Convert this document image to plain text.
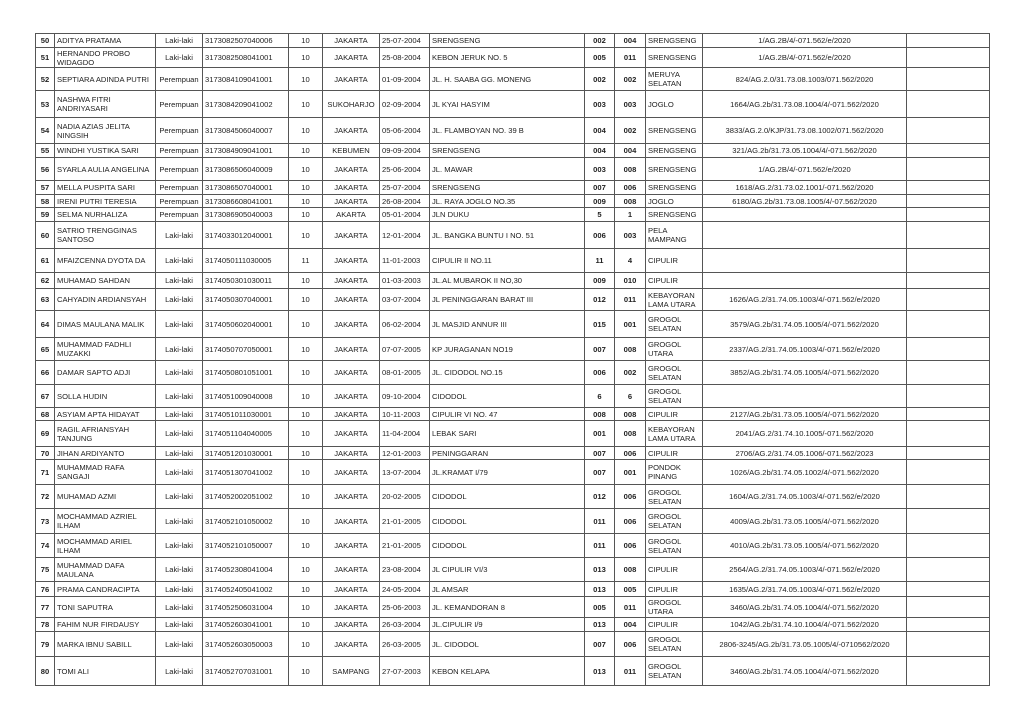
50	ADITYA PRATAMA	Laki-laki	3173082507040006	10	JAKARTA	25-07-2004	SRENGSENG	002	004	SRENGSENG	1/AG.2B/4/-071.562/e/2020	
51	HERNANDO PROBO WIDAGDO	Laki-laki	3173082508041001	10	JAKARTA	25-08-2004	KEBON JERUK NO. 5	005	011	SRENGSENG	1/AG.2B/4/-071.562/e/2020	
52	SEPTIARA ADINDA PUTRI	Perempuan	3173084109041001	10	JAKARTA	01-09-2004	JL. H. SAABA GG. MONENG	002	002	MERUYA SELATAN	824/AG.2.0/31.73.08.1003/071.562/2020	
53	NASHWA FITRI ANDRIYASARI	Perempuan	3173084209041002	10	SUKOHARJO	02-09-2004	JL KYAI HASYIM	003	003	JOGLO	1664/AG.2b/31.73.08.1004/4/-071.562/2020	
54	NADIA AZIAS JELITA NINGSIH	Perempuan	3173084506040007	10	JAKARTA	05-06-2004	JL. FLAMBOYAN NO. 39 B	004	002	SRENGSENG	3833/AG.2.0/KJP/31.73.08.1002/071.562/2020	
55	WINDHI YUSTIKA SARI	Perempuan	3173084909041001	10	KEBUMEN	09-09-2004	SRENGSENG	004	004	SRENGSENG	321/AG.2b/31.73.05.1004/4/-071.562/2020	
56	SYARLA AULIA ANGELINA	Perempuan	3173086506040009	10	JAKARTA	25-06-2004	JL. MAWAR	003	008	SRENGSENG	1/AG.2B/4/-071.562/e/2020	
57	MELLA PUSPITA SARI	Perempuan	3173086507040001	10	JAKARTA	25-07-2004	SRENGSENG	007	006	SRENGSENG	1618/AG.2/31.73.02.1001/-071.562/2020	
58	IRENI PUTRI TERESIA	Perempuan	3173086608041001	10	JAKARTA	26-08-2004	JL. RAYA JOGLO NO.35	009	008	JOGLO	6180/AG.2b/31.73.08.1005/4/-07.562/2020	
59	SELMA NURHALIZA	Perempuan	3173086905040003	10	AKARTA	05-01-2004	JLN DUKU	5	1	SRENGSENG		
60	SATRIO TRENGGINAS SANTOSO	Laki-laki	3174033012040001	10	JAKARTA	12-01-2004	JL. BANGKA BUNTU I NO. 51	006	003	PELA MAMPANG		
61	MFAIZCENNA DYOTA DA	Laki-laki	3174050111030005	11	JAKARTA	11-01-2003	CIPULIR II NO.11	11	4	CIPULIR		
62	MUHAMAD SAHDAN	Laki-laki	3174050301030011	10	JAKARTA	01-03-2003	JL.AL MUBAROK II NO,30	009	010	CIPULIR		
63	CAHYADIN ARDIANSYAH	Laki-laki	3174050307040001	10	JAKARTA	03-07-2004	JL PENINGGARAN BARAT III	012	011	KEBAYORAN LAMA UTARA	1626/AG.2/31.74.05.1003/4/-071.562/e/2020	
64	DIMAS MAULANA MALIK	Laki-laki	3174050602040001	10	JAKARTA	06-02-2004	JL MASJID ANNUR III	015	001	GROGOL SELATAN	3579/AG.2b/31.74.05.1005/4/-071.562/2020	
65	MUHAMMAD FADHLI MUZAKKI	Laki-laki	3174050707050001	10	JAKARTA	07-07-2005	KP JURAGANAN NO19	007	008	GROGOL UTARA	2337/AG.2/31.74.05.1003/4/-071.562/e/2020	
66	DAMAR SAPTO ADJI	Laki-laki	3174050801051001	10	JAKARTA	08-01-2005	JL. CIDODOL NO.15	006	002	GROGOL SELATAN	3852/AG.2b/31.74.05.1005/4/-071.562/2020	
67	SOLLA HUDIN	Laki-laki	3174051009040008	10	JAKARTA	09-10-2004	CIDODOL	6	6	GROGOL SELATAN		
68	ASYIAM APTA HIDAYAT	Laki-laki	3174051011030001	10	JAKARTA	10-11-2003	CIPULIR VI NO. 47	008	008	CIPULIR	2127/AG.2b/31.73.05.1005/4/-071.562/2020	
69	RAGIL AFRIANSYAH TANJUNG	Laki-laki	3174051104040005	10	JAKARTA	11-04-2004	LEBAK SARI	001	008	KEBAYORAN LAMA UTARA	2041/AG.2/31.74.10.1005/-071.562/2020	
70	JIHAN ARDIYANTO	Laki-laki	3174051201030001	10	JAKARTA	12-01-2003	PENINGGARAN	007	006	CIPULIR	2706/AG.2/31.74.05.1006/-071.562/2023	
71	MUHAMMAD RAFA SANGAJI	Laki-laki	3174051307041002	10	JAKARTA	13-07-2004	JL.KRAMAT I/79	007	001	PONDOK PINANG	1026/AG.2b/31.74.05.1002/4/-071.562/2020	
72	MUHAMAD AZMI	Laki-laki	3174052002051002	10	JAKARTA	20-02-2005	CIDODOL	012	006	GROGOL SELATAN	1604/AG.2/31.74.05.1003/4/-071.562/e/2020	
73	MOCHAMMAD AZRIEL ILHAM	Laki-laki	3174052101050002	10	JAKARTA	21-01-2005	CIDODOL	011	006	GROGOL SELATAN	4009/AG.2b/31.73.05.1005/4/-071.562/2020	
74	MOCHAMMAD ARIEL ILHAM	Laki-laki	3174052101050007	10	JAKARTA	21-01-2005	CIDODOL	011	006	GROGOL SELATAN	4010/AG.2b/31.73.05.1005/4/-071.562/2020	
75	MUHAMMAD DAFA MAULANA	Laki-laki	3174052308041004	10	JAKARTA	23-08-2004	JL CIPULIR VI/3	013	008	CIPULIR	2564/AG.2/31.74.05.1003/4/-071.562/e/2020	
76	PRAMA CANDRACIPTA	Laki-laki	3174052405041002	10	JAKARTA	24-05-2004	JL AMSAR	013	005	CIPULIR	1635/AG.2/31.74.05.1003/4/-071.562/e/2020	
77	TONI SAPUTRA	Laki-laki	3174052506031004	10	JAKARTA	25-06-2003	JL. KEMANDORAN 8	005	011	GROGOL UTARA	3460/AG.2b/31.74.05.1004/4/-071.562/2020	
78	FAHIM NUR FIRDAUSY	Laki-laki	3174052603041001	10	JAKARTA	26-03-2004	JL.CIPULIR I/9	013	004	CIPULIR	1042/AG.2b/31.74.10.1004/4/-071.562/2020	
79	MARKA IBNU SABILL	Laki-laki	3174052603050003	10	JAKARTA	26-03-2005	JL. CIDODOL	007	006	GROGOL SELATAN	2806-3245/AG.2b/31.73.05.1005/4/-0710562/2020	
80	TOMI ALI	Laki-laki	3174052707031001	10	SAMPANG	27-07-2003	KEBON KELAPA	013	011	GROGOL SELATAN	3460/AG.2b/31.74.05.1004/4/-071.562/2020	
